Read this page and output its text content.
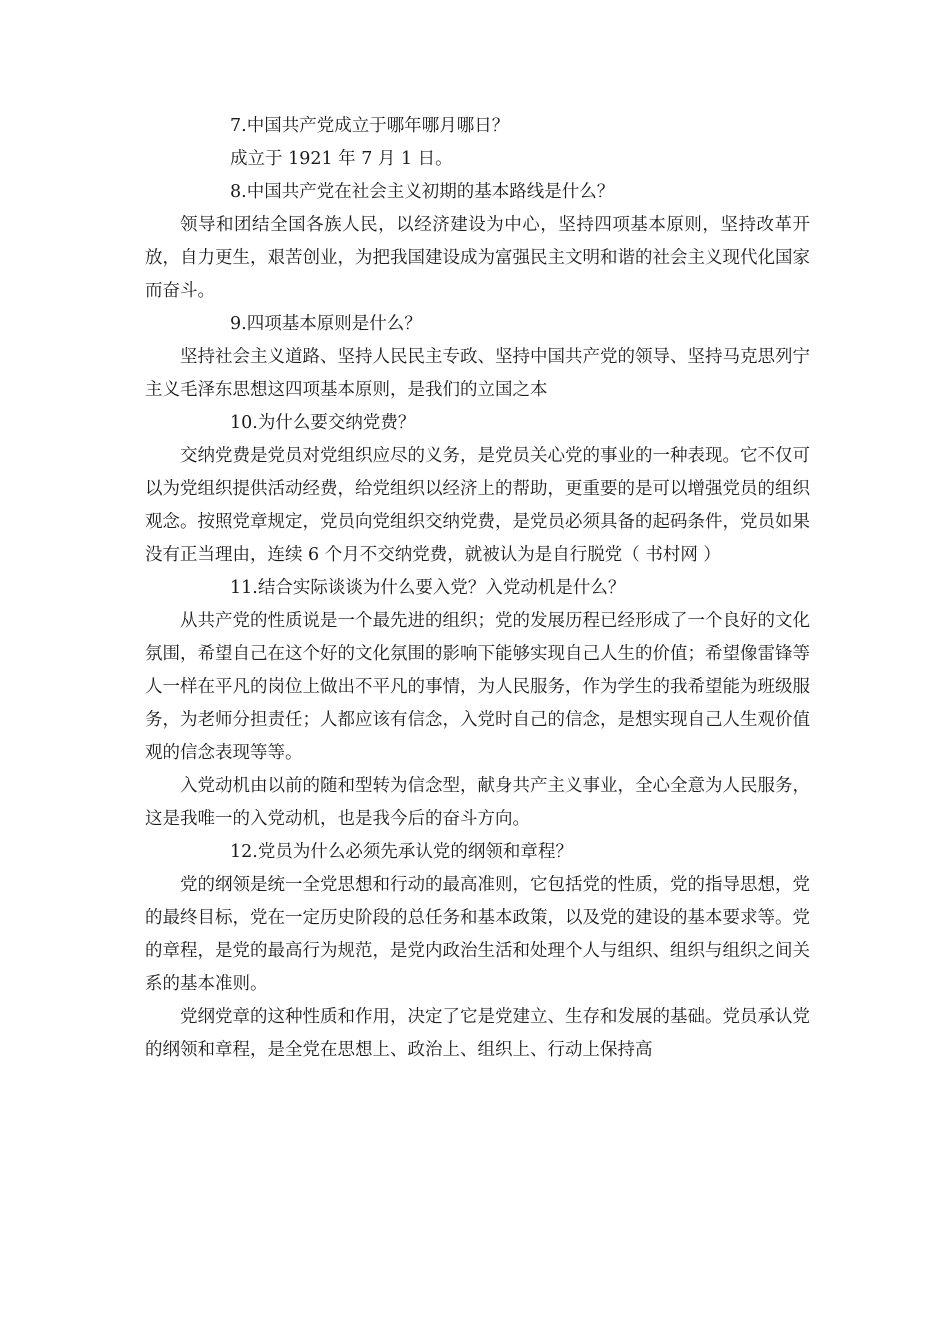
7.中国共产党成立于哪年哪月哪日？

成立于 1921 年 7 月 1 日。

8.中国共产党在社会主义初期的基本路线是什么？

领导和团结全国各族人民，以经济建设为中心，坚持四项基本原则，坚持改革开放，自力更生，艰苦创业，为把我国建设成为富强民主文明和谐的社会主义现代化国家而奋斗。

9.四项基本原则是什么？

坚持社会主义道路、坚持人民民主专政、坚持中国共产党的领导、坚持马克思列宁主义毛泽东思想这四项基本原则，是我们的立国之本

10.为什么要交纳党费？

交纳党费是党员对党组织应尽的义务，是党员关心党的事业的一种表现。它不仅可以为党组织提供活动经费，给党组织以经济上的帮助，更重要的是可以增强党员的组织观念。按照党章规定，党员向党组织交纳党费，是党员必须具备的起码条件，党员如果没有正当理由，连续 6 个月不交纳党费，就被认为是自行脱党（ 书村网 ）

11.结合实际谈谈为什么要入党？入党动机是什么？

从共产党的性质说是一个最先进的组织；党的发展历程已经形成了一个良好的文化氛围，希望自己在这个好的文化氛围的影响下能够实现自己人生的价值；希望像雷锋等人一样在平凡的岗位上做出不平凡的事情，为人民服务，作为学生的我希望能为班级服务，为老师分担责任；人都应该有信念，入党时自己的信念，是想实现自己人生观价值观的信念表现等等。

入党动机由以前的随和型转为信念型，献身共产主义事业，全心全意为人民服务，这是我唯一的入党动机，也是我今后的奋斗方向。

12.党员为什么必须先承认党的纲领和章程？

党的纲领是统一全党思想和行动的最高准则，它包括党的性质，党的指导思想，党的最终目标，党在一定历史阶段的总任务和基本政策，以及党的建设的基本要求等。党的章程，是党的最高行为规范，是党内政治生活和处理个人与组织、组织与组织之间关系的基本准则。

党纲党章的这种性质和作用，决定了它是党建立、生存和发展的基础。党员承认党的纲领和章程，是全党在思想上、政治上、组织上、行动上保持高
